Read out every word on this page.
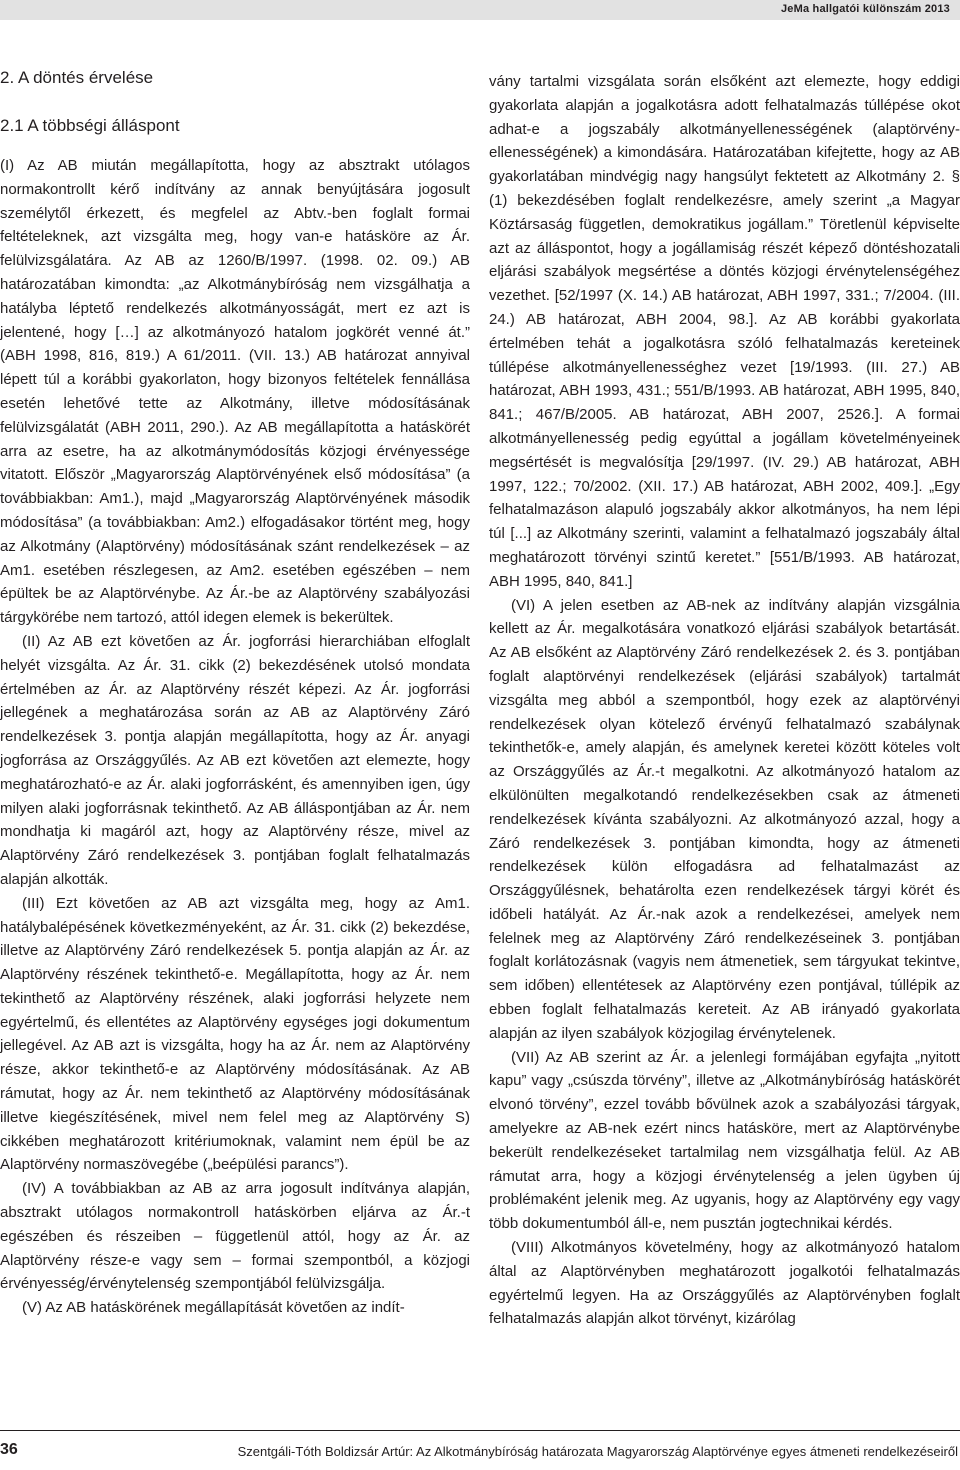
JeMa hallgatói különszám 2013
2. A döntés érvelése
2.1 A többségi álláspont

(I) Az AB miután megállapította, hogy az absztrakt utólagos normakontrollt kérő indítvány az annak benyújtására jogosult személytől érkezett, és megfelel az Abtv.-ben foglalt formai feltételeknek, azt vizsgálta meg, hogy van-e hatásköre az Ár. felülvizsgálatára. Az AB az 1260/B/1997. (1998. 02. 09.) AB határozatában kimondta: „az Alkotmánybíróság nem vizsgálhatja a hatályba léptető rendelkezés alkotmányosságát, mert ez azt is jelentené, hogy […] az alkotmányozó hatalom jogkörét venné át.” (ABH 1998, 816, 819.) A 61/2011. (VII. 13.) AB határozat annyival lépett túl a korábbi gyakorlaton, hogy bizonyos feltételek fennállása esetén lehetővé tette az Alkotmány, illetve módosításának felülvizsgálatát (ABH 2011, 290.). Az AB megállapította a hatáskörét arra az esetre, ha az alkotmánymódosítás közjogi érvényessége vitatott. Először „Magyarország Alaptörvényének első módosítása” (a továbbiakban: Am1.), majd „Magyarország Alaptörvényének második módosítása” (a továbbiakban: Am2.) elfogadásakor történt meg, hogy az Alkotmány (Alaptörvény) módosításának szánt rendelkezések – az Am1. esetében részlegesen, az Am2. esetében egészében – nem épültek be az Alaptörvénybe. Az Ár.-be az Alaptörvény szabályozási tárgykörébe nem tartozó, attól idegen elemek is bekerültek.

(II) Az AB ezt követően az Ár. jogforrási hierarchiában elfoglalt helyét vizsgálta. Az Ár. 31. cikk (2) bekezdésének utolsó mondata értelmében az Ár. az Alaptörvény részét képezi. Az Ár. jogforrási jellegének a meghatározása során az AB az Alaptörvény Záró rendelkezések 3. pontja alapján megállapította, hogy az Ár. anyagi jogforrása az Országgyűlés. Az AB ezt követően azt elemezte, hogy meghatározható-e az Ár. alaki jogforrásként, és amennyiben igen, úgy milyen alaki jogforrásnak tekinthető. Az AB álláspontjában az Ár. nem mondhatja ki magáról azt, hogy az Alaptörvény része, mivel az Alaptörvény Záró rendelkezések 3. pontjában foglalt felhatalmazás alapján alkották.

(III) Ezt követően az AB azt vizsgálta meg, hogy az Am1. hatálybalépésének következményeként, az Ár. 31. cikk (2) bekezdése, illetve az Alaptörvény Záró rendelkezések 5. pontja alapján az Ár. az Alaptörvény részének tekinthető-e. Megállapította, hogy az Ár. nem tekinthető az Alaptörvény részének, alaki jogforrási helyzete nem egyértelmű, és ellentétes az Alaptörvény egységes jogi dokumentum jellegével. Az AB azt is vizsgálta, hogy ha az Ár. nem az Alaptörvény része, akkor tekinthető-e az Alaptörvény módosításának. Az AB rámutat, hogy az Ár. nem tekinthető az Alaptörvény módosításának illetve kiegészítésének, mivel nem felel meg az Alaptörvény S) cikkében meghatározott kritériumoknak, valamint nem épül be az Alaptörvény normaszövegébe („beépülési parancs”).

(IV) A továbbiakban az AB az arra jogosult indítványa alapján, absztrakt utólagos normakontroll hatáskörben eljárva az Ár.-t egészében és részeiben – függetlenül attól, hogy az Ár. az Alaptörvény része-e vagy sem – formai szempontból, a közjogi érvényesség/érvénytelenség szempontjából felülvizsgálja.

(V) Az AB hatáskörének megállapítását követően az indít-

vány tartalmi vizsgálata során elsőként azt elemezte, hogy eddigi gyakorlata alapján a jogalkotásra adott felhatalmazás túllépése okot adhat-e a jogszabály alkotmányellenességének (alaptörvény-ellenességének) a kimondására. Határozatában kifejtette, hogy az AB gyakorlatában mindvégig nagy hangsúlyt fektetett az Alkotmány 2. § (1) bekezdésében foglalt rendelkezésre, amely szerint „a Magyar Köztársaság független, demokratikus jogállam.” Töretlenül képviselte azt az álláspontot, hogy a jogállamiság részét képező döntéshozatali eljárási szabályok megsértése a döntés közjogi érvénytelenségéhez vezethet. [52/1997 (X. 14.) AB határozat, ABH 1997, 331.; 7/2004. (III. 24.) AB határozat, ABH 2004, 98.]. Az AB korábbi gyakorlata értelmében tehát a jogalkotásra szóló felhatalmazás kereteinek túllépése alkotmányellenességhez vezet [19/1993. (III. 27.) AB határozat, ABH 1993, 431.; 551/B/1993. AB határozat, ABH 1995, 840, 841.; 467/B/2005. AB határozat, ABH 2007, 2526.]. A formai alkotmányellenesség pedig egyúttal a jogállam követelményeinek megsértését is megvalósítja [29/1997. (IV. 29.) AB határozat, ABH 1997, 122.; 70/2002. (XII. 17.) AB határozat, ABH 2002, 409.]. „Egy felhatalmazáson alapuló jogszabály akkor alkotmányos, ha nem lépi túl [...] az Alkotmány szerinti, valamint a felhatalmazó jogszabály által meghatározott törvényi szintű keretet.” [551/B/1993. AB határozat, ABH 1995, 840, 841.]

(VI) A jelen esetben az AB-nek az indítvány alapján vizsgálnia kellett az Ár. megalkotására vonatkozó eljárási szabályok betartását. Az AB elsőként az Alaptörvény Záró rendelkezések 2. és 3. pontjában foglalt alaptörvényi rendelkezések (eljárási szabályok) tartalmát vizsgálta meg abból a szempontból, hogy ezek az alaptörvényi rendelkezések olyan kötelező érvényű felhatalmazó szabálynak tekinthetők-e, amely alapján, és amelynek keretei között köteles volt az Országgyűlés az Ár.-t megalkotni. Az alkotmányozó hatalom az elkülönülten megalkotandó rendelkezésekben csak az átmeneti rendelkezések kívánta szabályozni. Az alkotmányozó azzal, hogy a Záró rendelkezések 3. pontjában kimondta, hogy az átmeneti rendelkezések külön elfogadásra ad felhatalmazást az Országgyűlésnek, behatárolta ezen rendelkezések tárgyi körét és időbeli hatályát. Az Ár.-nak azok a rendelkezései, amelyek nem felelnek meg az Alaptörvény Záró rendelkezéseinek 3. pontjában foglalt korlátozásnak (vagyis nem átmenetiek, sem tárgyukat tekintve, sem időben) ellentétesek az Alaptörvény ezen pontjával, túllépik az ebben foglalt felhatalmazás kereteit. Az AB irányadó gyakorlata alapján az ilyen szabályok közjogilag érvénytelenek.

(VII) Az AB szerint az Ár. a jelenlegi formájában egyfajta „nyitott kapu” vagy „csúszda törvény”, illetve az „Alkotmánybíróság hatáskörét elvonó törvény”, ezzel tovább bővülnek azok a szabályozási tárgyak, amelyekre az AB-nek ezért nincs hatásköre, mert az Alaptörvénybe bekerült rendelkezéseket tartalmilag nem vizsgálhatja felül. Az AB rámutat arra, hogy a közjogi érvénytelenség a jelen ügyben új problémaként jelenik meg. Az ugyanis, hogy az Alaptörvény egy vagy több dokumentumból áll-e, nem pusztán jogtechnikai kérdés.

(VIII) Alkotmányos követelmény, hogy az alkotmányozó hatalom által az Alaptörvényben meghatározott jogalkotói felhatalmazás egyértelmű legyen. Ha az Országgyűlés az Alaptörvényben foglalt felhatalmazás alapján alkot törvényt, kizárólag

36	Szentgáli-Tóth Boldizsár Artúr: Az Alkotmánybíróság határozata Magyarország Alaptörvénye egyes átmeneti rendelkezéseiről
